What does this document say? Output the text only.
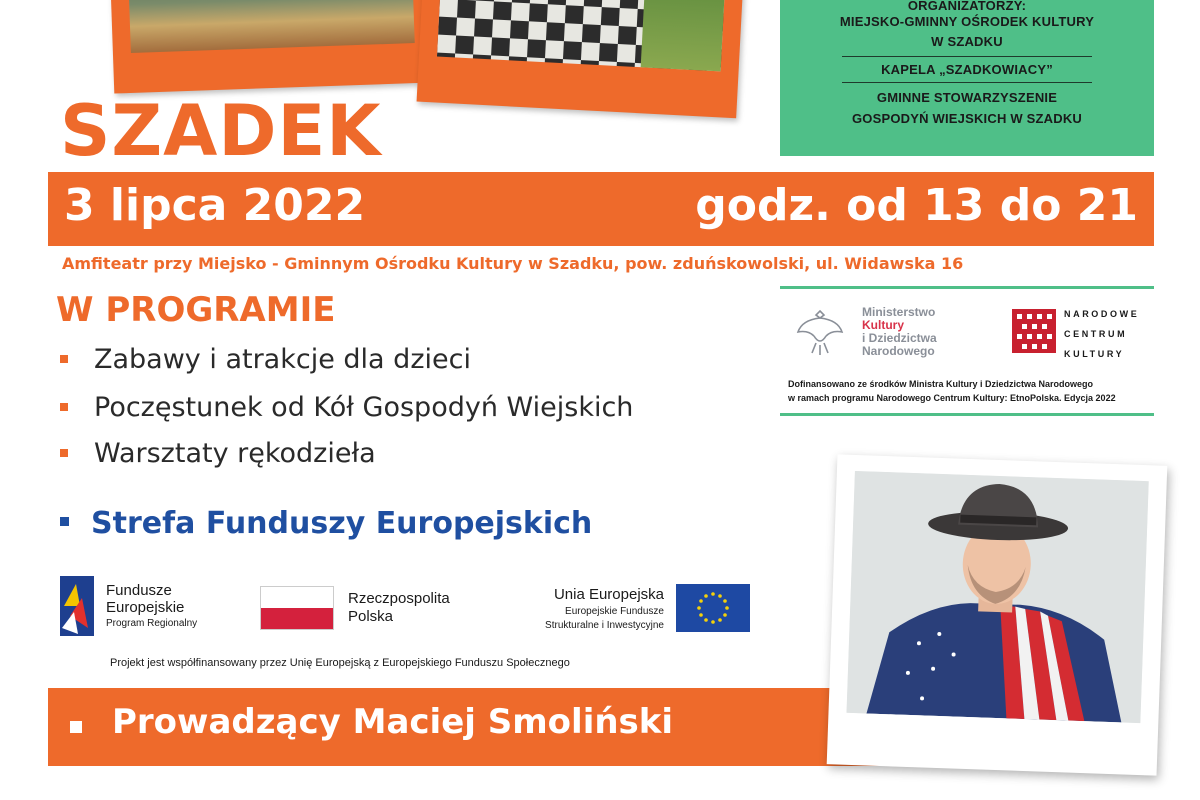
ORGANIZATORZY:
MIEJSKO-GMINNY OŚRODEK KULTURY
W SZADKU
KAPELA „SZADKOWIACY”
GMINNE STOWARZYSZENIE
GOSPODYŃ WIEJSKICH W SZADKU
SZADEK
3 lipca 2022	godz. od 13 do 21
Amfiteatr przy Miejsko - Gminnym Ośrodku Kultury w Szadku, pow. zduńskowolski, ul. Widawska 16
W PROGRAMIE
Zabawy i atrakcje dla dzieci
Poczęstunek od Kół Gospodyń Wiejskich
Warsztaty rękodzieła
Strefa Funduszy Europejskich
Fundusze
Europejskie
Program Regionalny
Rzeczpospolita
Polska
Unia Europejska
Europejskie Fundusze
Strukturalne i Inwestycyjne
Projekt jest współfinansowany przez Unię Europejską z Europejskiego Funduszu Społecznego
Ministerstwo
Kultury
i Dziedzictwa
Narodowego
NARODOWE
CENTRUM
KULTURY
Dofinansowano ze środków Ministra Kultury i Dziedzictwa Narodowego
w ramach programu Narodowego Centrum Kultury: EtnoPolska. Edycja 2022
Prowadzący Maciej Smoliński
